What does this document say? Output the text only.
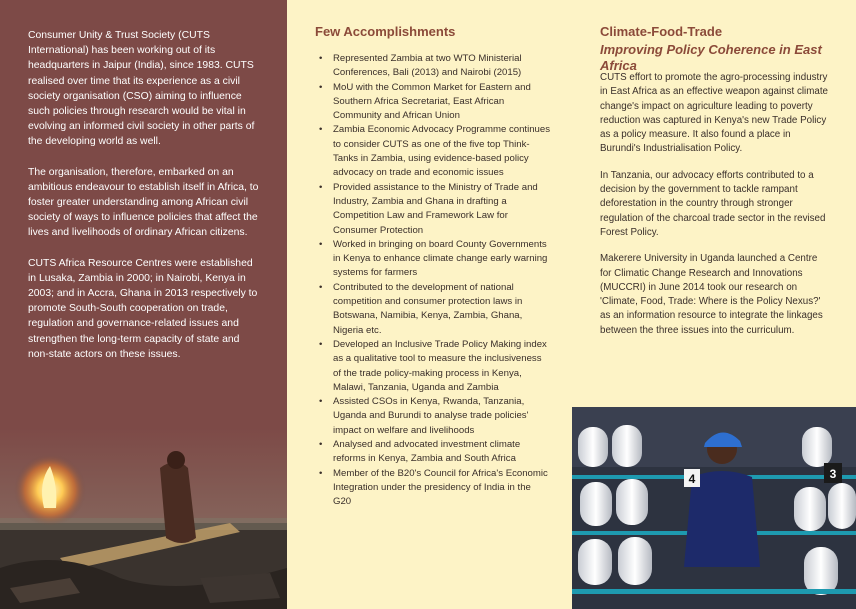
Consumer Unity & Trust Society (CUTS International) has been working out of its headquarters in Jaipur (India), since 1983. CUTS realised over time that its experience as a civil society organisation (CSO) aiming to influence such policies through research would be vital in evolving an informed civil society in other parts of the developing world as well.

The organisation, therefore, embarked on an ambitious endeavour to establish itself in Africa, to foster greater understanding among African civil society of ways to influence policies that affect the lives and livelihoods of ordinary African citizens.

CUTS Africa Resource Centres were established in Lusaka, Zambia in 2000; in Nairobi, Kenya in 2003; and in Accra, Ghana in 2013 respectively to promote South-South cooperation on trade, regulation and governance-related issues and strengthen the long-term capacity of state and non-state actors on these issues.

Few Accomplishments
• Represented Zambia at two WTO Ministerial Conferences, Bali (2013) and Nairobi (2015)
• MoU with the Common Market for Eastern and Southern Africa Secretariat, East African Community and African Union
• Zambia Economic Advocacy Programme continues to consider CUTS as one of the five top Think-Tanks in Zambia, using evidence-based policy advocacy on trade and economic issues
• Provided assistance to the Ministry of Trade and Industry, Zambia and Ghana in drafting a Competition Law and Framework Law for Consumer Protection
• Worked in bringing on board County Governments in Kenya to enhance climate change early warning systems for farmers
• Contributed to the development of national competition and consumer protection laws in Botswana, Namibia, Kenya, Zambia, Ghana, Nigeria etc.
• Developed an Inclusive Trade Policy Making index as a qualitative tool to measure the inclusiveness of the trade policy-making process in Kenya, Malawi, Tanzania, Uganda and Zambia
• Assisted CSOs in Kenya, Rwanda, Tanzania, Uganda and Burundi to analyse trade policies' impact on welfare and livelihoods
• Analysed and advocated investment climate reforms in Kenya, Zambia and South Africa
• Member of the B20's Council for Africa's Economic Integration under the presidency of India in the G20
Climate-Food-Trade
Improving Policy Coherence in East Africa

CUTS effort to promote the agro-processing industry in East Africa as an effective weapon against climate change's impact on agriculture leading to poverty reduction was captured in Kenya's new Trade Policy as a policy measure. It also found a place in Burundi's Industrialisation Policy.

In Tanzania, our advocacy efforts contributed to a decision by the government to tackle rampant deforestation in the country through stronger regulation of the charcoal trade sector in the revised Forest Policy.

Makerere University in Uganda launched a Centre for Climatic Change Research and Innovations (MUCCRI) in June 2014 took our research on 'Climate, Food, Trade: Where is the Policy Nexus?' as an information resource to integrate the linkages between the three issues into the curriculum.

4	3
